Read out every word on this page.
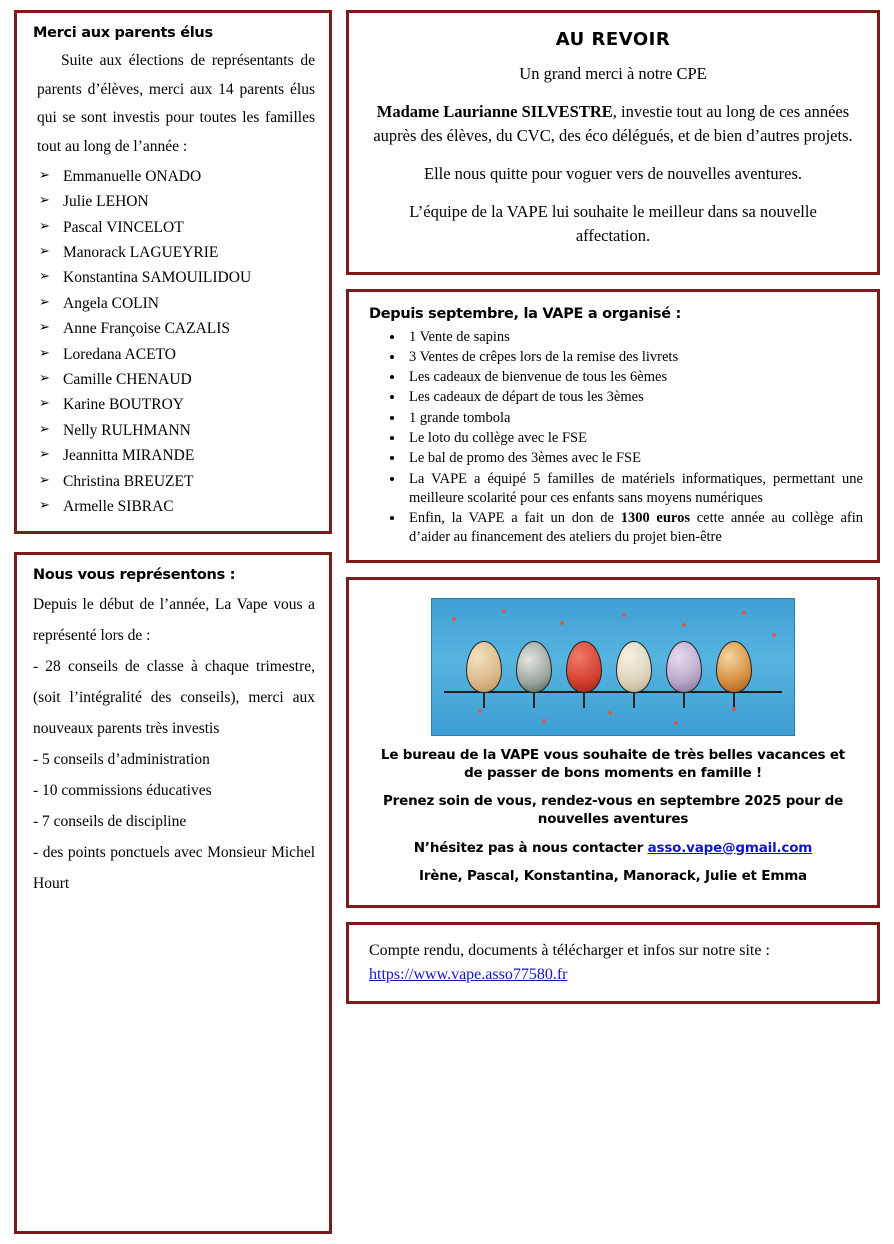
Merci aux parents élus

Suite aux élections de représentants de parents d’élèves, merci aux 14 parents élus qui se sont investis pour toutes les familles tout au long de l’année :

➢ Emmanuelle ONADO
➢ Julie LEHON
➢ Pascal VINCELOT
➢ Manorack LAGUEYRIE
➢ Konstantina SAMOUILIDOU
➢ Angela COLIN
➢ Anne Françoise CAZALIS
➢ Loredana ACETO
➢ Camille CHENAUD
➢ Karine BOUTROY
➢ Nelly RULHMANN
➢ Jeannitta MIRANDE
➢ Christina BREUZET
➢ Armelle SIBRAC
Nous vous représentons :

Depuis le début de l’année, La Vape vous a représenté lors de :

- 28 conseils de classe à chaque trimestre, (soit l’intégralité des conseils), merci aux nouveaux parents très investis

- 5 conseils d’administration

- 10 commissions éducatives

- 7 conseils de discipline

- des points ponctuels avec Monsieur Michel Hourt

AU REVOIR

Un grand merci à notre CPE

Madame Laurianne SILVESTRE, investie tout au long de ces années auprès des élèves, du CVC, des éco délégués, et de bien d’autres projets.

Elle nous quitte pour voguer vers de nouvelles aventures.

L’équipe de la VAPE lui souhaite le meilleur dans sa nouvelle affectation.

Depuis septembre, la VAPE a organisé :
• 1 Vente de sapins
• 3 Ventes de crêpes lors de la remise des livrets
• Les cadeaux de bienvenue de tous les 6èmes
• Les cadeaux de départ de tous les 3èmes
• 1 grande tombola
• Le loto du collège avec le FSE
• Le bal de promo des 3èmes avec le FSE
• La VAPE a équipé 5 familles de matériels informatiques, permettant une meilleure scolarité pour ces enfants sans moyens numériques
• Enfin, la VAPE a fait un don de 1300 euros cette année au collège afin d’aider au financement des ateliers du projet bien-être
Le bureau de la VAPE vous souhaite de très belles vacances et de passer de bons moments en famille !
Prenez soin de vous, rendez-vous en septembre 2025 pour de nouvelles aventures
N’hésitez pas à nous contacter asso.vape@gmail.com
Irène, Pascal, Konstantina, Manorack, Julie et Emma

Compte rendu, documents à télécharger et infos sur notre site : https://www.vape.asso77580.fr
